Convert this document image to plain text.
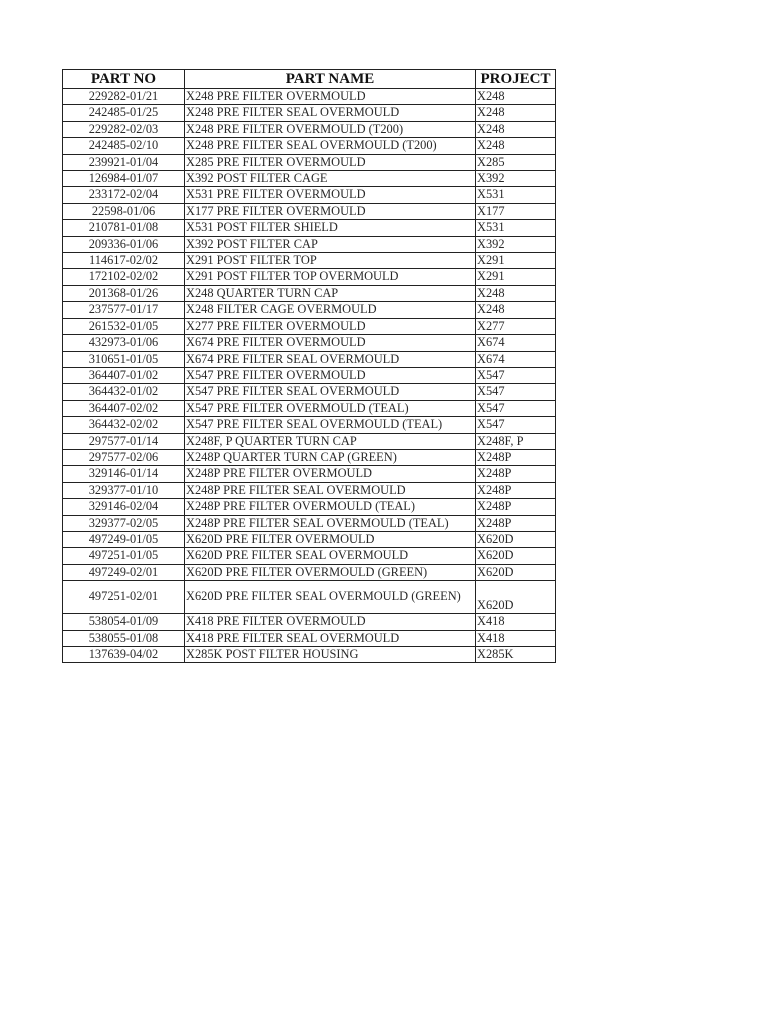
PART NO	PART NAME	PROJECT
229282-01/21	X248 PRE FILTER OVERMOULD	X248
242485-01/25	X248 PRE FILTER SEAL OVERMOULD	X248
229282-02/03	X248 PRE FILTER OVERMOULD (T200)	X248
242485-02/10	X248 PRE FILTER SEAL OVERMOULD (T200)	X248
239921-01/04	X285 PRE FILTER OVERMOULD	X285
126984-01/07	X392 POST FILTER CAGE	X392
233172-02/04	X531 PRE FILTER OVERMOULD	X531
22598-01/06	X177 PRE FILTER OVERMOULD	X177
210781-01/08	X531 POST FILTER SHIELD	X531
209336-01/06	X392 POST FILTER CAP	X392
114617-02/02	X291 POST FILTER TOP	X291
172102-02/02	X291 POST FILTER TOP OVERMOULD	X291
201368-01/26	X248 QUARTER TURN CAP	X248
237577-01/17	X248 FILTER CAGE OVERMOULD	X248
261532-01/05	X277 PRE FILTER OVERMOULD	X277
432973-01/06	X674 PRE FILTER OVERMOULD	X674
310651-01/05	X674 PRE FILTER SEAL OVERMOULD	X674
364407-01/02	X547 PRE FILTER OVERMOULD	X547
364432-01/02	X547 PRE FILTER SEAL OVERMOULD	X547
364407-02/02	X547 PRE FILTER OVERMOULD (TEAL)	X547
364432-02/02	X547 PRE FILTER SEAL OVERMOULD (TEAL)	X547
297577-01/14	X248F, P QUARTER TURN CAP	X248F, P
297577-02/06	X248P QUARTER TURN CAP (GREEN)	X248P
329146-01/14	X248P PRE FILTER OVERMOULD	X248P
329377-01/10	X248P PRE FILTER SEAL OVERMOULD	X248P
329146-02/04	X248P PRE FILTER OVERMOULD (TEAL)	X248P
329377-02/05	X248P PRE FILTER SEAL OVERMOULD (TEAL)	X248P
497249-01/05	X620D PRE FILTER OVERMOULD	X620D
497251-01/05	X620D PRE FILTER SEAL OVERMOULD	X620D
497249-02/01	X620D PRE FILTER OVERMOULD (GREEN)	X620D
497251-02/01	X620D PRE FILTER SEAL OVERMOULD (GREEN)	X620D
538054-01/09	X418 PRE FILTER OVERMOULD	X418
538055-01/08	X418 PRE FILTER SEAL OVERMOULD	X418
137639-04/02	X285K POST FILTER HOUSING	X285K
